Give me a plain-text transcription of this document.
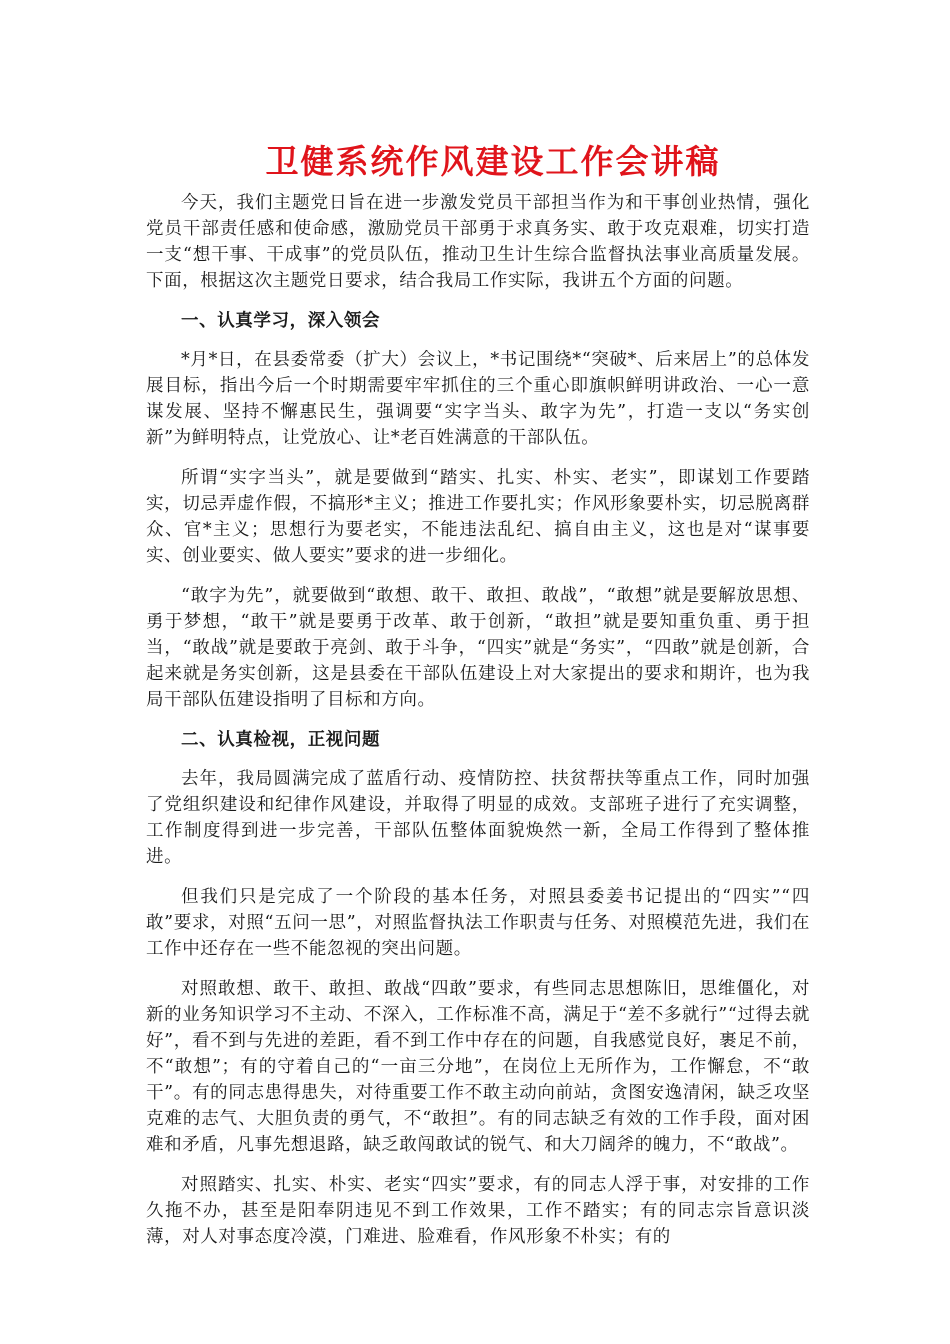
卫健系统作风建设工作会讲稿

今天，我们主题党日旨在进一步激发党员干部担当作为和干事创业热情，强化党员干部责任感和使命感，激励党员干部勇于求真务实、敢于攻克艰难，切实打造一支“想干事、干成事”的党员队伍，推动卫生计生综合监督执法事业高质量发展。下面，根据这次主题党日要求，结合我局工作实际，我讲五个方面的问题。

一、认真学习，深入领会

*月*日，在县委常委（扩大）会议上，*书记围绕*“突破*、后来居上”的总体发展目标，指出今后一个时期需要牢牢抓住的三个重心即旗帜鲜明讲政治、一心一意谋发展、坚持不懈惠民生，强调要“实字当头、敢字为先”，打造一支以“务实创新”为鲜明特点，让党放心、让*老百姓满意的干部队伍。

所谓“实字当头”，就是要做到“踏实、扎实、朴实、老实”，即谋划工作要踏实，切忌弄虚作假，不搞形*主义；推进工作要扎实；作风形象要朴实，切忌脱离群众、官*主义；思想行为要老实，不能违法乱纪、搞自由主义，这也是对“谋事要实、创业要实、做人要实”要求的进一步细化。

“敢字为先”，就要做到“敢想、敢干、敢担、敢战”，“敢想”就是要解放思想、勇于梦想，“敢干”就是要勇于改革、敢于创新，“敢担”就是要知重负重、勇于担当，“敢战”就是要敢于亮剑、敢于斗争，“四实”就是“务实”，“四敢”就是创新，合起来就是务实创新，这是县委在干部队伍建设上对大家提出的要求和期许，也为我局干部队伍建设指明了目标和方向。

二、认真检视，正视问题

去年，我局圆满完成了蓝盾行动、疫情防控、扶贫帮扶等重点工作，同时加强了党组织建设和纪律作风建设，并取得了明显的成效。支部班子进行了充实调整，工作制度得到进一步完善，干部队伍整体面貌焕然一新，全局工作得到了整体推进。

但我们只是完成了一个阶段的基本任务，对照县委姜书记提出的“四实”“四敢”要求，对照“五问一思”，对照监督执法工作职责与任务、对照模范先进，我们在工作中还存在一些不能忽视的突出问题。

对照敢想、敢干、敢担、敢战“四敢”要求，有些同志思想陈旧，思维僵化，对新的业务知识学习不主动、不深入，工作标准不高，满足于“差不多就行”“过得去就好”，看不到与先进的差距，看不到工作中存在的问题，自我感觉良好，裹足不前，不“敢想”；有的守着自己的“一亩三分地”，在岗位上无所作为，工作懈怠，不“敢干”。有的同志患得患失，对待重要工作不敢主动向前站，贪图安逸清闲，缺乏攻坚克难的志气、大胆负责的勇气，不“敢担”。有的同志缺乏有效的工作手段，面对困难和矛盾，凡事先想退路，缺乏敢闯敢试的锐气、和大刀阔斧的魄力，不“敢战”。

对照踏实、扎实、朴实、老实“四实”要求，有的同志人浮于事，对安排的工作久拖不办，甚至是阳奉阴违见不到工作效果，工作不踏实；有的同志宗旨意识淡薄，对人对事态度冷漠，门难进、脸难看，作风形象不朴实；有的
